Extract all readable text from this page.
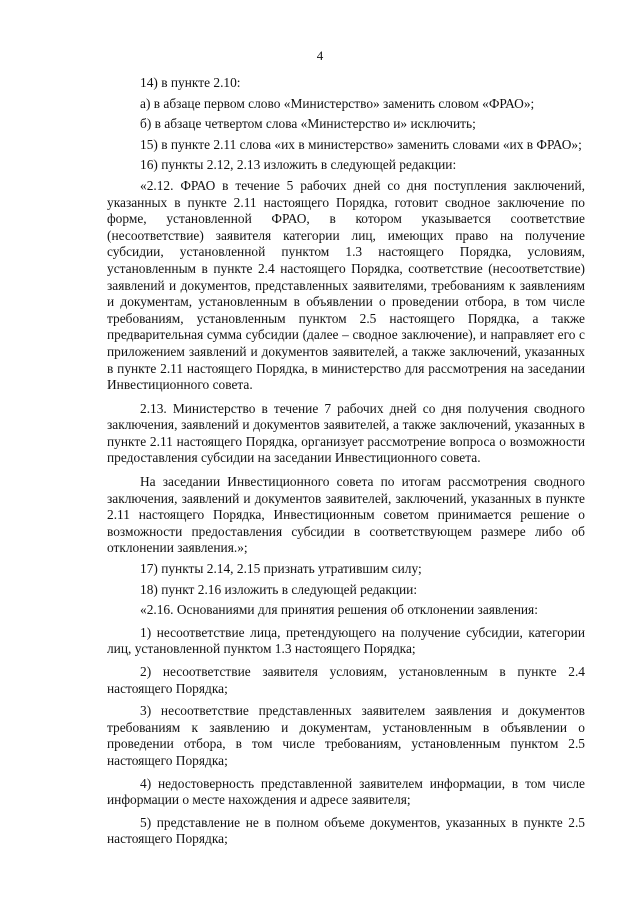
4

14) в пункте 2.10:

а) в абзаце первом слово «Министерство» заменить словом «ФРАО»;

б) в абзаце четвертом слова «Министерство и» исключить;

15) в пункте 2.11 слова «их в министерство» заменить словами «их в ФРАО»;

16) пункты 2.12, 2.13 изложить в следующей редакции:

«2.12. ФРАО в течение 5 рабочих дней со дня поступления заключений, указанных в пункте 2.11 настоящего Порядка, готовит сводное заключение по форме, установленной ФРАО, в котором указывается соответствие (несоответствие) заявителя категории лиц, имеющих право на получение субсидии, установленной пунктом 1.3 настоящего Порядка, условиям, установленным в пункте 2.4 настоящего Порядка, соответствие (несоответствие) заявлений и документов, представленных заявителями, требованиям к заявлениям и документам, установленным в объявлении о проведении отбора, в том числе требованиям, установленным пунктом 2.5 настоящего Порядка, а также предварительная сумма субсидии (далее – сводное заключение), и направляет его с приложением заявлений и документов заявителей, а также заключений, указанных в пункте 2.11 настоящего Порядка, в министерство для рассмотрения на заседании Инвестиционного совета.

2.13. Министерство в течение 7 рабочих дней со дня получения сводного заключения, заявлений и документов заявителей, а также заключений, указанных в пункте 2.11 настоящего Порядка, организует рассмотрение вопроса о возможности предоставления субсидии на заседании Инвестиционного совета.

На заседании Инвестиционного совета по итогам рассмотрения сводного заключения, заявлений и документов заявителей, заключений, указанных в пункте 2.11 настоящего Порядка, Инвестиционным советом принимается решение о возможности предоставления субсидии в соответствующем размере либо об отклонении заявления.»;

17) пункты 2.14, 2.15 признать утратившим силу;

18) пункт 2.16 изложить в следующей редакции:

«2.16. Основаниями для принятия решения об отклонении заявления:

1) несоответствие лица, претендующего на получение субсидии, категории лиц, установленной пунктом 1.3 настоящего Порядка;

2) несоответствие заявителя условиям, установленным в пункте 2.4 настоящего Порядка;

3) несоответствие представленных заявителем заявления и документов требованиям к заявлению и документам, установленным в объявлении о проведении отбора, в том числе требованиям, установленным пунктом 2.5 настоящего Порядка;

4) недостоверность представленной заявителем информации, в том числе информации о месте нахождения и адресе заявителя;

5) представление не в полном объеме документов, указанных в пункте 2.5 настоящего Порядка;
